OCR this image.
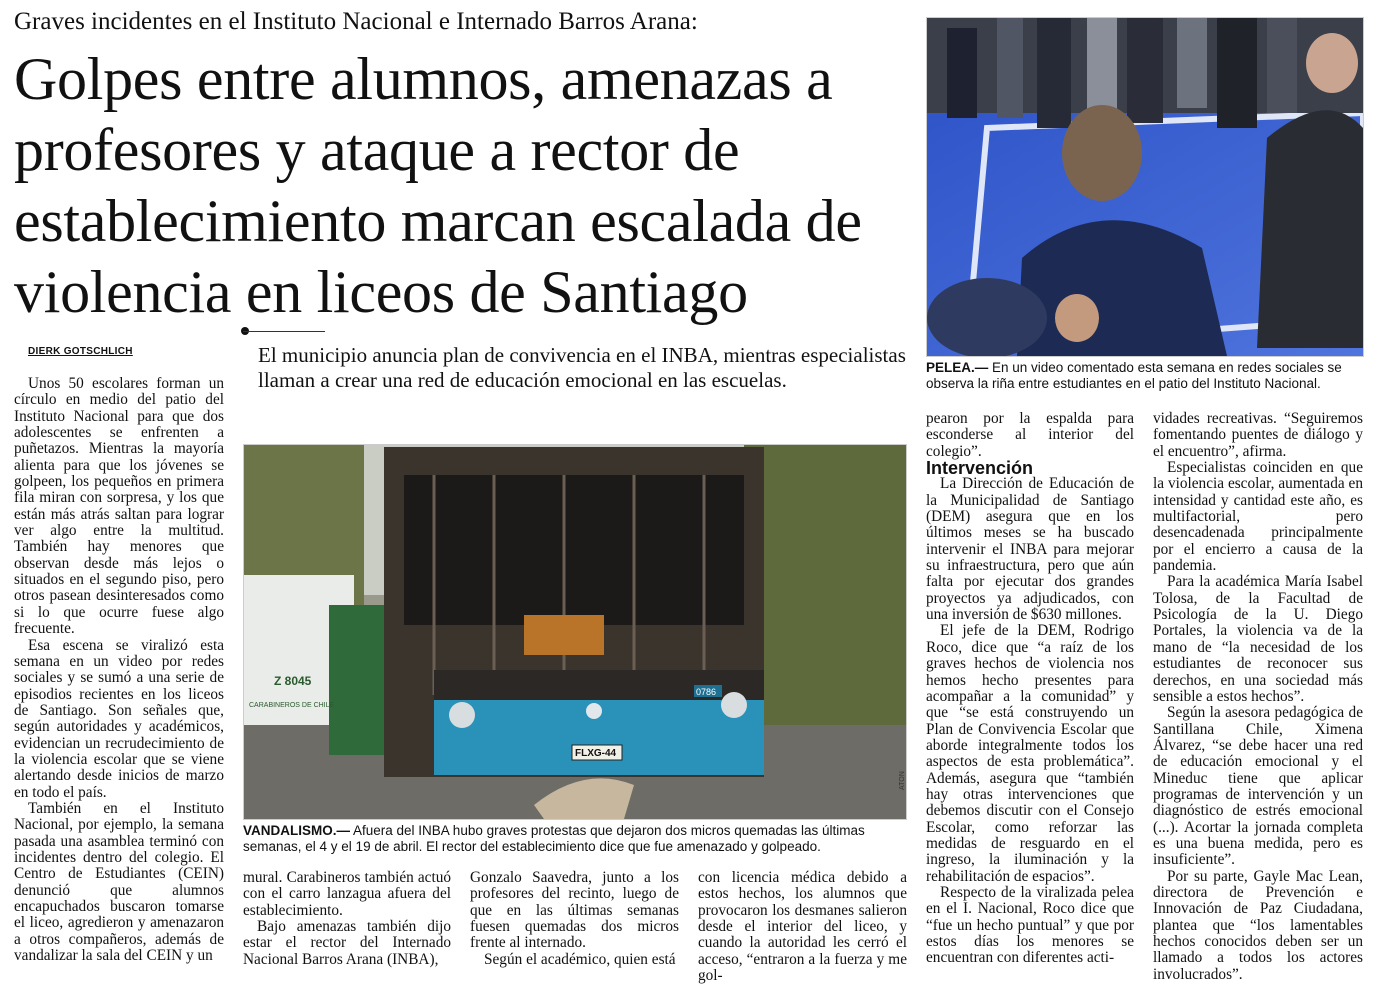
Graves incidentes en el Instituto Nacional e Internado Barros Arana:
Golpes entre alumnos, amenazas a profesores y ataque a rector de establecimiento marcan escalada de violencia en liceos de Santiago
DIERK GOTSCHLICH	El municipio anuncia plan de convivencia en el INBA, mientras especialistas llaman a crear una red de educación emocional en las escuelas.
PELEA.— En un video comentado esta semana en redes sociales se observa la riña entre estudiantes en el patio del Instituto Nacional.
Z 8045
CARABINEROS DE CHILE
FLXG-44
0786
ATON
VANDALISMO.— Afuera del INBA hubo graves protestas que dejaron dos micros quemadas las últimas semanas, el 4 y el 19 de abril. El rector del establecimiento dice que fue amenazado y golpeado.

Unos 50 escolares forman un círculo en medio del patio del Instituto Nacional para que dos adolescentes se enfrenten a puñetazos. Mientras la mayoría alienta para que los jóvenes se golpeen, los pequeños en primera fila miran con sorpresa, y los que están más atrás saltan para lograr ver algo entre la multitud. También hay menores que observan desde más lejos o situados en el segundo piso, pero otros pasean desinteresados como si lo que ocurre fuese algo frecuente.

Esa escena se viralizó esta semana en un video por redes sociales y se sumó a una serie de episodios recientes en los liceos de Santiago. Son señales que, según autoridades y académicos, evidencian un recrudecimiento de la violencia escolar que se viene alertando desde inicios de marzo en todo el país.

También en el Instituto Nacional, por ejemplo, la semana pasada una asamblea terminó con incidentes dentro del colegio. El Centro de Estudiantes (CEIN) denunció que alumnos encapuchados buscaron tomarse el liceo, agredieron y amenazaron a otros compañeros, además de vandalizar la sala del CEIN y un

mural. Carabineros también actuó con el carro lanzagua afuera del establecimiento.

Bajo amenazas también dijo estar el rector del Internado Nacional Barros Arana (INBA),

Gonzalo Saavedra, junto a los profesores del recinto, luego de que en las últimas semanas fuesen quemadas dos micros frente al internado.

Según el académico, quien está

con licencia médica debido a estos hechos, los alumnos que provocaron los desmanes salieron desde el interior del liceo, y cuando la autoridad les cerró el acceso, “entraron a la fuerza y me gol-

pearon por la espalda para esconderse al interior del colegio”.

Intervención

La Dirección de Educación de la Municipalidad de Santiago (DEM) asegura que en los últimos meses se ha buscado intervenir el INBA para mejorar su infraestructura, pero que aún falta por ejecutar dos grandes proyectos ya adjudicados, con una inversión de $630 millones.

El jefe de la DEM, Rodrigo Roco, dice que “a raíz de los graves hechos de violencia nos hemos hecho presentes para acompañar a la comunidad” y que “se está construyendo un Plan de Convivencia Escolar que aborde integralmente todos los aspectos de esta problemática”. Además, asegura que “también hay otras intervenciones que debemos discutir con el Consejo Escolar, como reforzar las medidas de resguardo en el ingreso, la iluminación y la rehabilitación de espacios”.

Respecto de la viralizada pelea en el I. Nacional, Roco dice que “fue un hecho puntual” y que por estos días los menores se encuentran con diferentes acti-

vidades recreativas. “Seguiremos fomentando puentes de diálogo y el encuentro”, afirma.

Especialistas coinciden en que la violencia escolar, aumentada en intensidad y cantidad este año, es multifactorial, pero desencadenada principalmente por el encierro a causa de la pandemia.

Para la académica María Isabel Tolosa, de la Facultad de Psicología de la U. Diego Portales, la violencia va de la mano de “la necesidad de los estudiantes de reconocer sus derechos, en una sociedad más sensible a estos hechos”.

Según la asesora pedagógica de Santillana Chile, Ximena Álvarez, “se debe hacer una red de educación emocional y el Mineduc tiene que aplicar programas de intervención y un diagnóstico de estrés emocional (...). Acortar la jornada completa es una buena medida, pero es insuficiente”.

Por su parte, Gayle Mac Lean, directora de Prevención e Innovación de Paz Ciudadana, plantea que “los lamentables hechos conocidos deben ser un llamado a todos los actores involucrados”.
